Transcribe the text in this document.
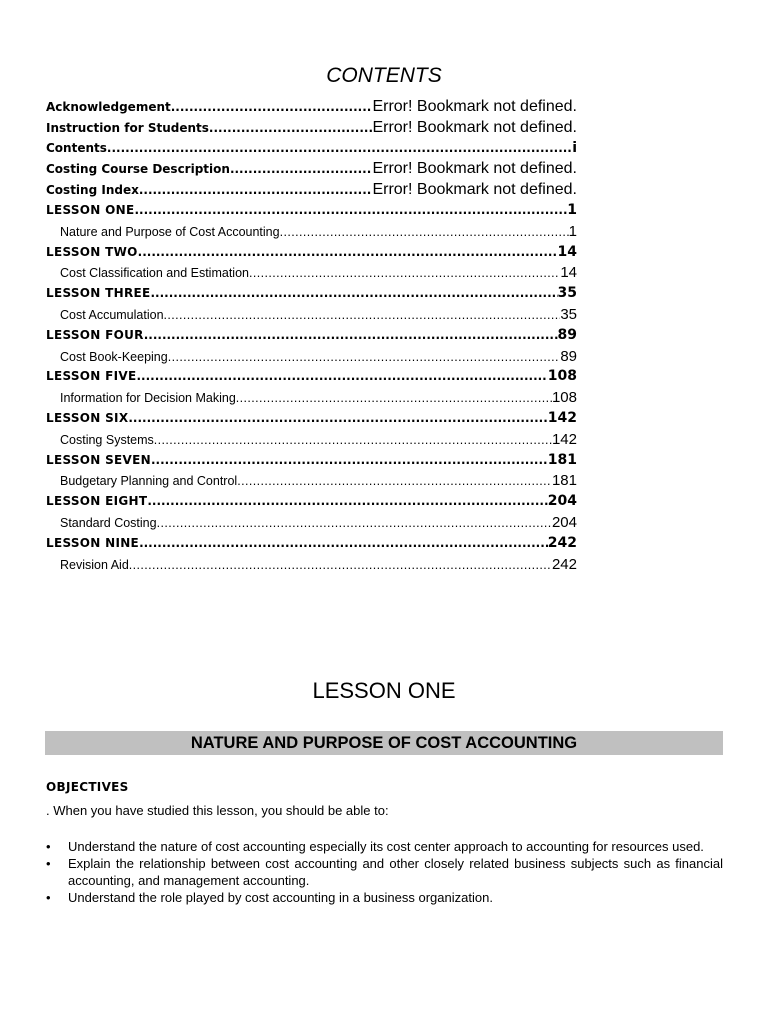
CONTENTS
Acknowledgement .....	Error! Bookmark not defined.
Instruction for Students .....	Error! Bookmark not defined.
Contents .....	i
Costing Course Description .....	Error! Bookmark not defined.
Costing Index .....	Error! Bookmark not defined.
LESSON ONE .....	1
Nature and Purpose of Cost Accounting .....	1
LESSON TWO .....	14
Cost Classification and Estimation .....	14
LESSON THREE .....	35
Cost Accumulation .....	35
LESSON FOUR .....	89
Cost Book-Keeping .....	89
LESSON FIVE .....	108
Information for Decision Making .....	108
LESSON SIX .....	142
Costing Systems .....	142
LESSON SEVEN .....	181
Budgetary Planning and Control .....	181
LESSON EIGHT .....	204
Standard Costing .....	204
LESSON NINE .....	242
Revision Aid .....	242
LESSON ONE
NATURE AND PURPOSE OF COST ACCOUNTING
OBJECTIVES
. When you have studied this lesson, you should be able to:
• Understand the nature of cost accounting especially its cost center approach to accounting for resources used.
• Explain the relationship between cost accounting and other closely related business subjects such as financial accounting, and management accounting.
• Understand the role played by cost accounting in a business organization.
